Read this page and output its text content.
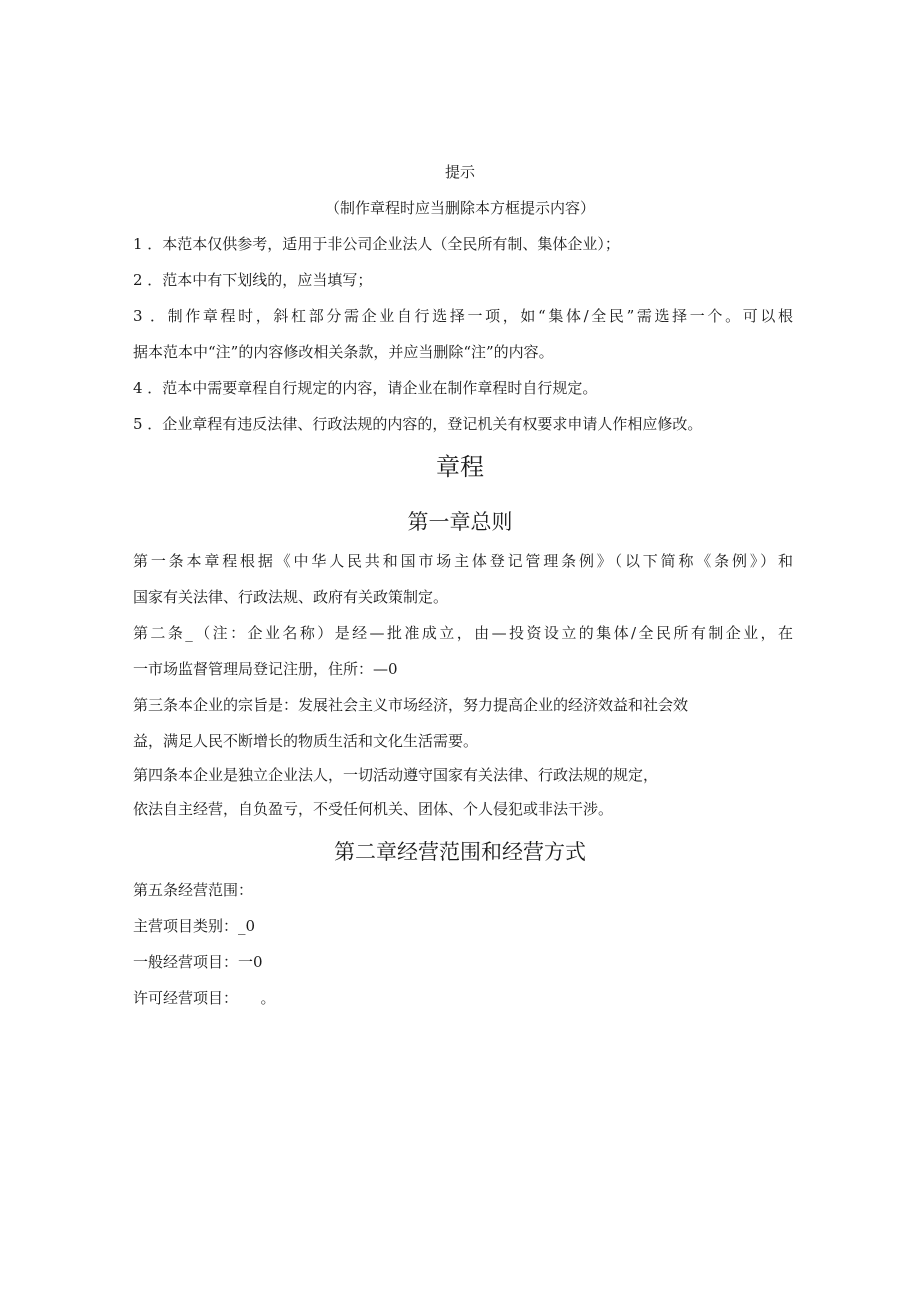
提示
（制作章程时应当删除本方框提示内容）
1 ．本范本仅供参考，适用于非公司企业法人（全民所有制、集体企业）；
2 ．范本中有下划线的，应当填写；
3 ．制作章程时，斜杠部分需企业自行选择一项，如“集体/全民”需选择一个。可以根
据本范本中“注”的内容修改相关条款，并应当删除“注”的内容。
4 ．范本中需要章程自行规定的内容，请企业在制作章程时自行规定。
5 ．企业章程有违反法律、行政法规的内容的，登记机关有权要求申请人作相应修改。
章程
第一章总则
第一条本章程根据《中华人民共和国市场主体登记管理条例》（以下简称《条例》）和
国家有关法律、行政法规、政府有关政策制定。
第二条_（注：企业名称）是经—批准成立，由—投资设立的集体/全民所有制企业，在
一市场监督管理局登记注册，住所：—0
第三条本企业的宗旨是：发展社会主义市场经济，努力提高企业的经济效益和社会效
益，满足人民不断增长的物质生活和文化生活需要。
第四条本企业是独立企业法人，一切活动遵守国家有关法律、行政法规的规定，
依法自主经营，自负盈亏，不受任何机关、团体、个人侵犯或非法干涉。
第二章经营范围和经营方式
第五条经营范围：
主营项目类别：_0
一般经营项目：一0
许可经营项目：　　。
